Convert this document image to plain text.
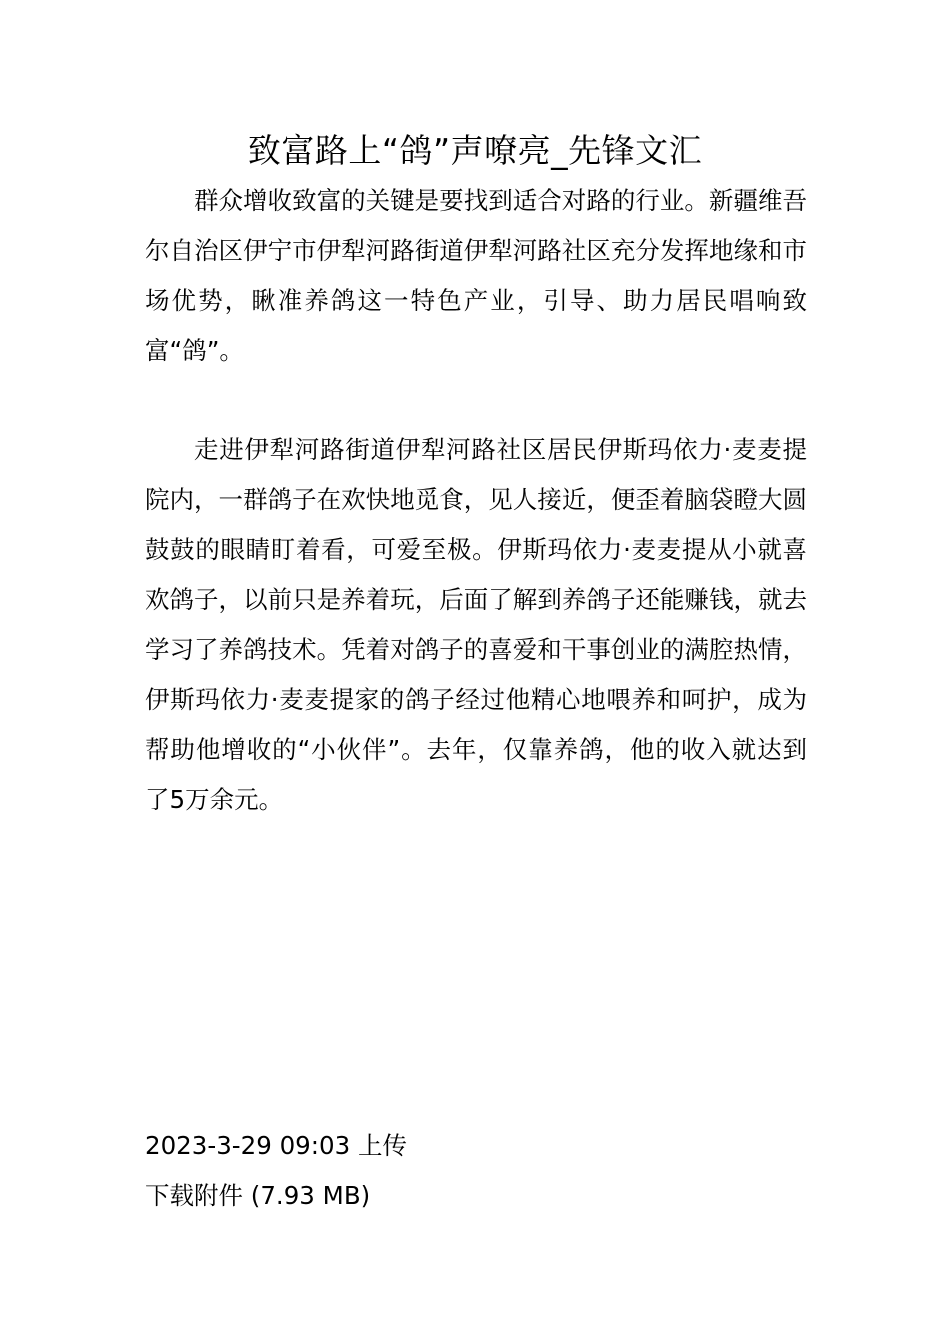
致富路上“鸽”声嘹亮_先锋文汇

群众增收致富的关键是要找到适合对路的行业。新疆维吾尔自治区伊宁市伊犁河路街道伊犁河路社区充分发挥地缘和市场优势，瞅准养鸽这一特色产业，引导、助力居民唱响致富“鸽”。

走进伊犁河路街道伊犁河路社区居民伊斯玛依力·麦麦提院内，一群鸽子在欢快地觅食，见人接近，便歪着脑袋瞪大圆鼓鼓的眼睛盯着看，可爱至极。伊斯玛依力·麦麦提从小就喜欢鸽子，以前只是养着玩，后面了解到养鸽子还能赚钱，就去学习了养鸽技术。凭着对鸽子的喜爱和干事创业的满腔热情，伊斯玛依力·麦麦提家的鸽子经过他精心地喂养和呵护，成为帮助他增收的“小伙伴”。去年，仅靠养鸽，他的收入就达到了5万余元。

2023-3-29 09:03 上传

下载附件 (7.93 MB)
